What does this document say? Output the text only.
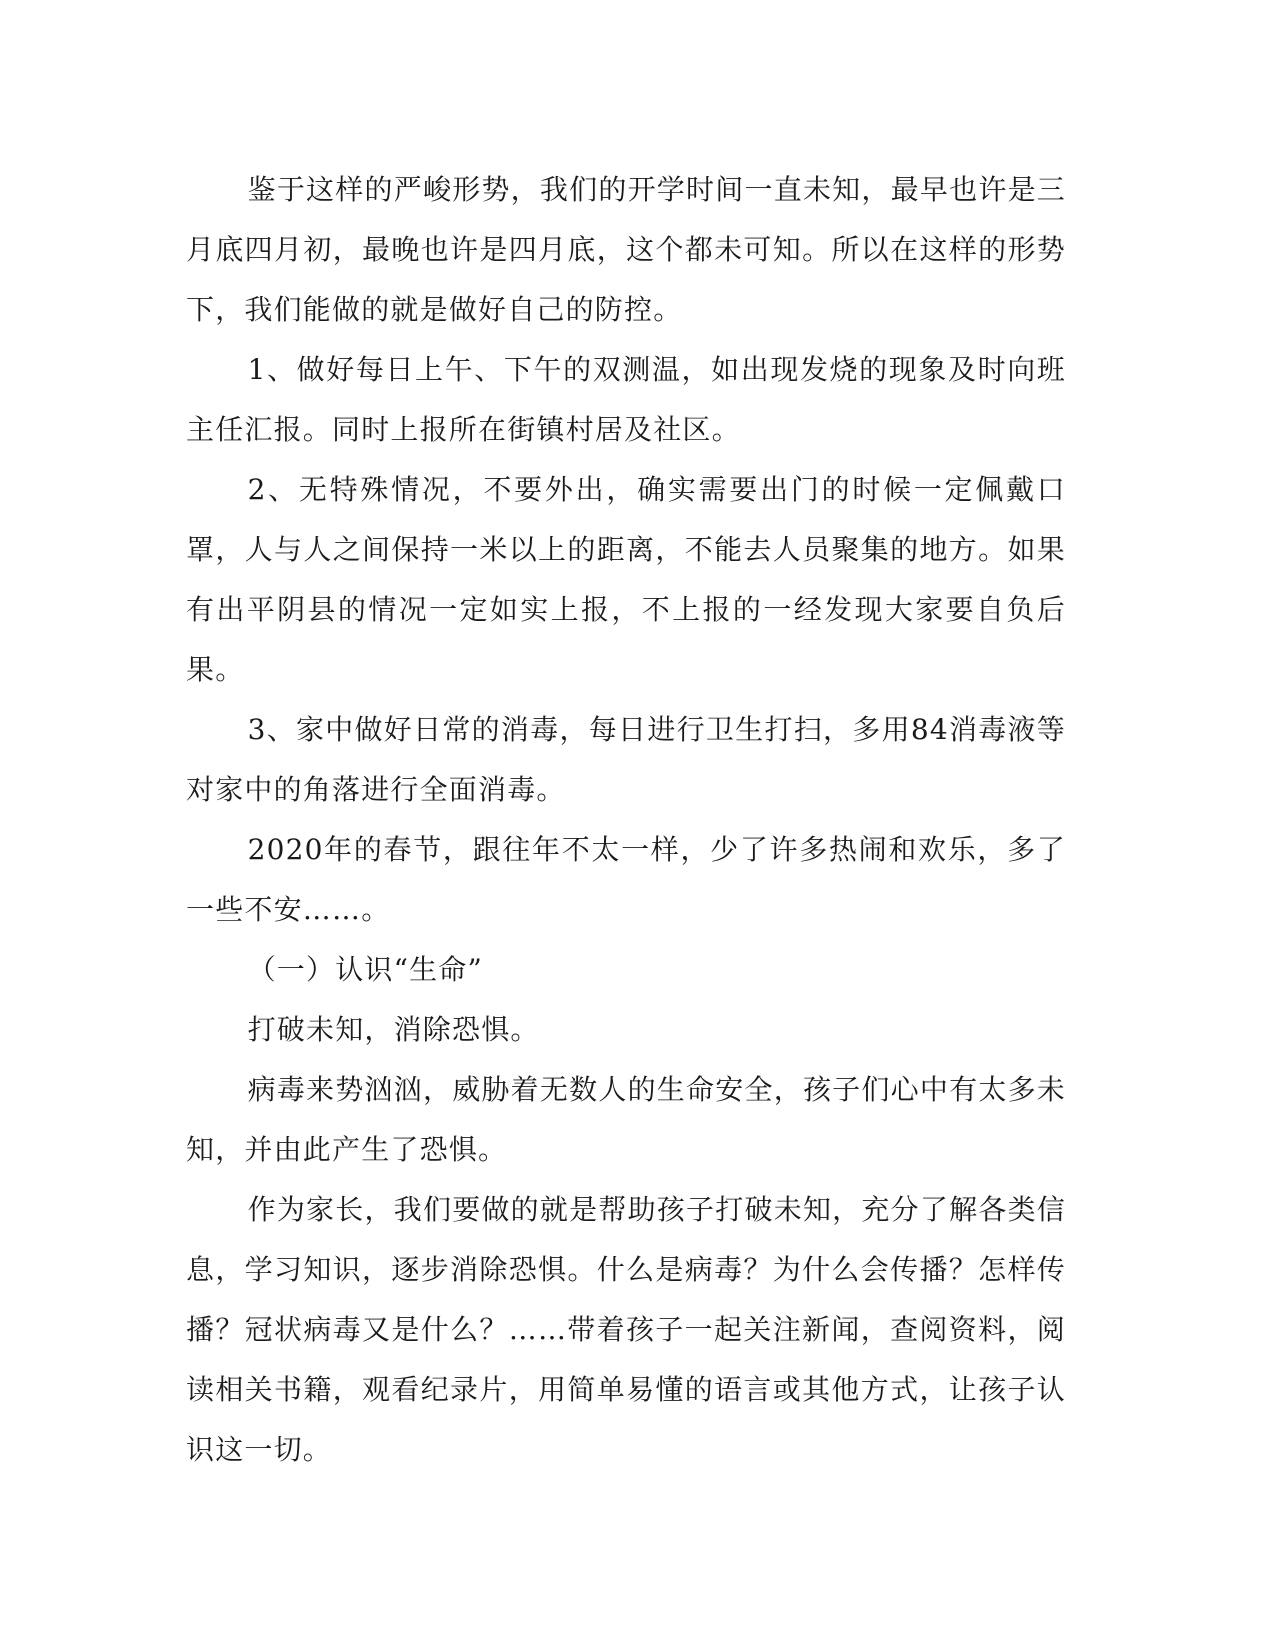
鉴于这样的严峻形势，我们的开学时间一直未知，最早也许是三月底四月初，最晚也许是四月底，这个都未可知。所以在这样的形势下，我们能做的就是做好自己的防控。

1、做好每日上午、下午的双测温，如出现发烧的现象及时向班主任汇报。同时上报所在街镇村居及社区。

2、无特殊情况，不要外出，确实需要出门的时候一定佩戴口罩，人与人之间保持一米以上的距离，不能去人员聚集的地方。如果有出平阴县的情况一定如实上报，不上报的一经发现大家要自负后果。

3、家中做好日常的消毒，每日进行卫生打扫，多用84消毒液等对家中的角落进行全面消毒。

2020年的春节，跟往年不太一样，少了许多热闹和欢乐，多了一些不安……。

（一）认识“生命”

打破未知，消除恐惧。

病毒来势汹汹，威胁着无数人的生命安全，孩子们心中有太多未知，并由此产生了恐惧。

作为家长，我们要做的就是帮助孩子打破未知，充分了解各类信息，学习知识，逐步消除恐惧。什么是病毒？为什么会传播？怎样传播？冠状病毒又是什么？……带着孩子一起关注新闻，查阅资料，阅读相关书籍，观看纪录片，用简单易懂的语言或其他方式，让孩子认识这一切。
